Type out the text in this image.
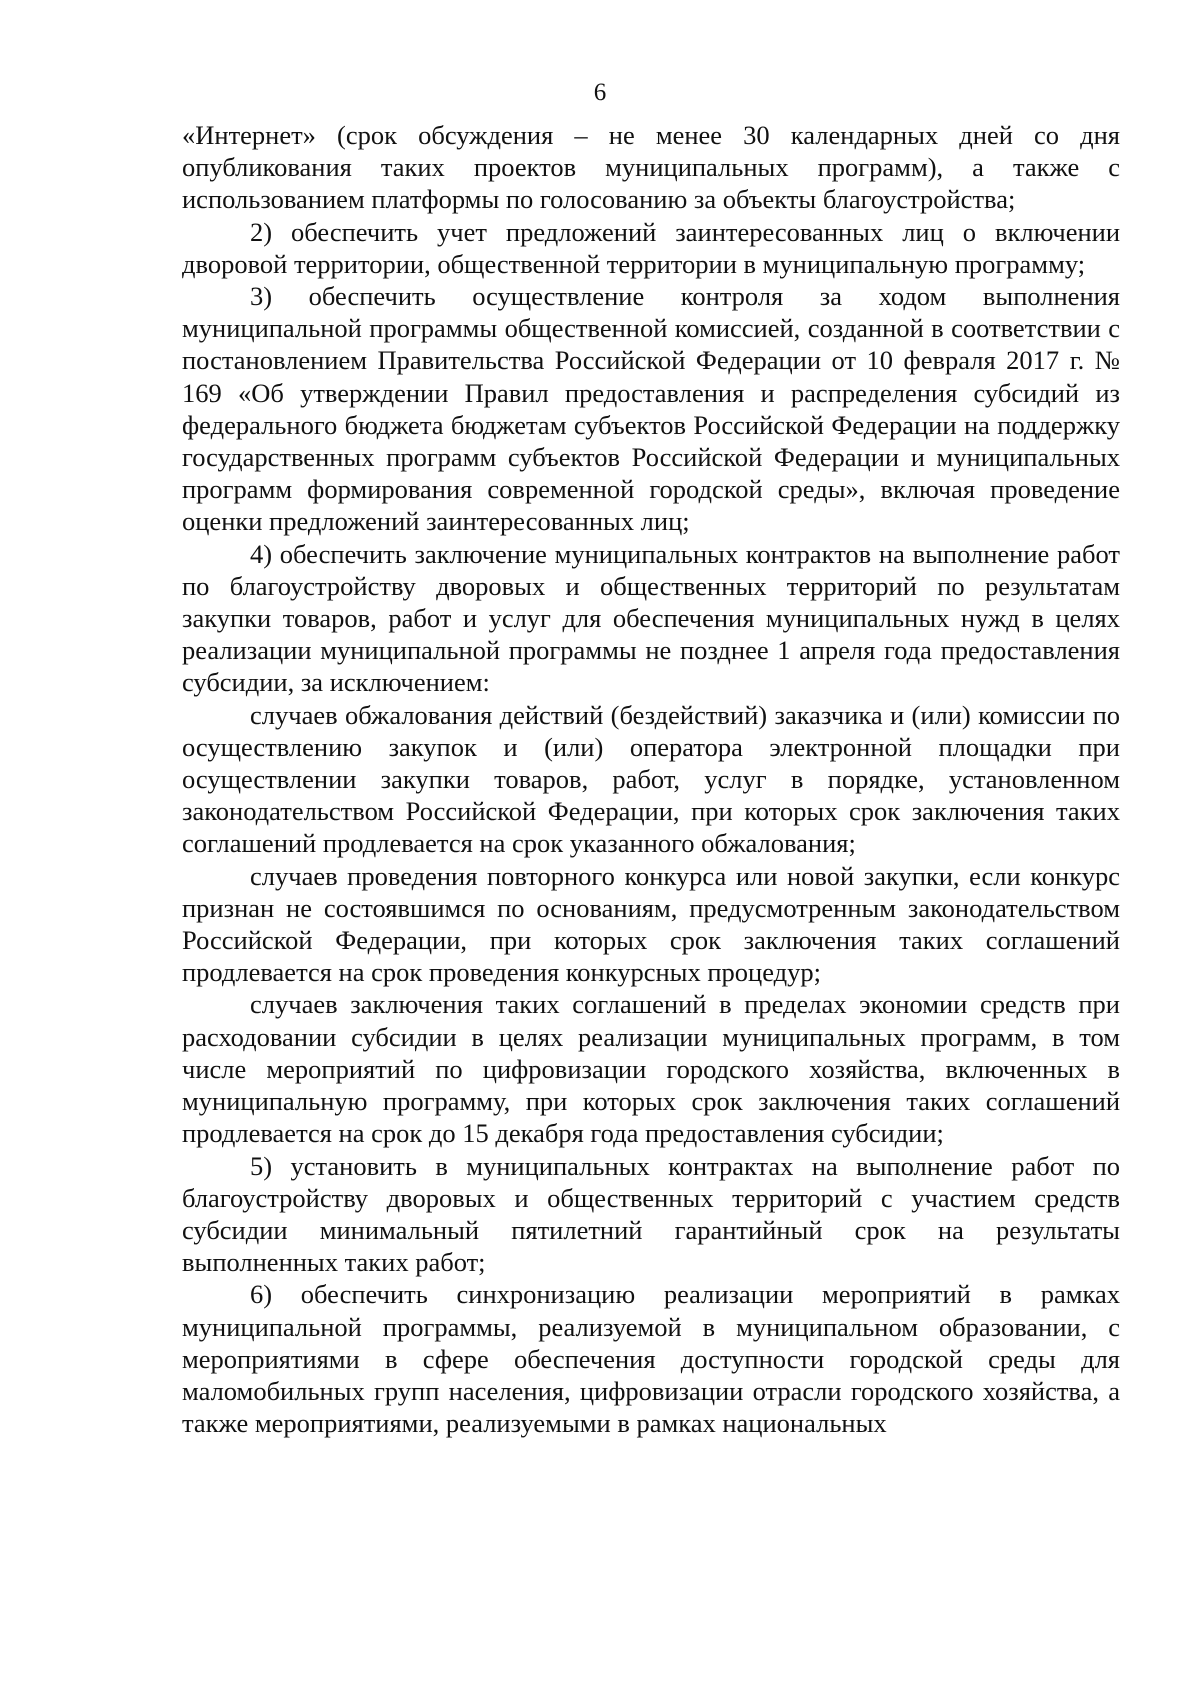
6

«Интернет» (срок обсуждения – не менее 30 календарных дней со дня опубликования таких проектов муниципальных программ), а также с использованием платформы по голосованию за объекты благоустройства;

2) обеспечить учет предложений заинтересованных лиц о включении дворовой территории, общественной территории в муниципальную программу;

3) обеспечить осуществление контроля за ходом выполнения муниципальной программы общественной комиссией, созданной в соответствии с постановлением Правительства Российской Федерации от 10 февраля 2017 г. № 169 «Об утверждении Правил предоставления и распределения субсидий из федерального бюджета бюджетам субъектов Российской Федерации на поддержку государственных программ субъектов Российской Федерации и муниципальных программ формирования современной городской среды», включая проведение оценки предложений заинтересованных лиц;

4) обеспечить заключение муниципальных контрактов на выполнение работ по благоустройству дворовых и общественных территорий по результатам закупки товаров, работ и услуг для обеспечения муниципальных нужд в целях реализации муниципальной программы не позднее 1 апреля года предоставления субсидии, за исключением:

случаев обжалования действий (бездействий) заказчика и (или) комиссии по осуществлению закупок и (или) оператора электронной площадки при осуществлении закупки товаров, работ, услуг в порядке, установленном законодательством Российской Федерации, при которых срок заключения таких соглашений продлевается на срок указанного обжалования;

случаев проведения повторного конкурса или новой закупки, если конкурс признан не состоявшимся по основаниям, предусмотренным законодательством Российской Федерации, при которых срок заключения таких соглашений продлевается на срок проведения конкурсных процедур;

случаев заключения таких соглашений в пределах экономии средств при расходовании субсидии в целях реализации муниципальных программ, в том числе мероприятий по цифровизации городского хозяйства, включенных в муниципальную программу, при которых срок заключения таких соглашений продлевается на срок до 15 декабря года предоставления субсидии;

5) установить в муниципальных контрактах на выполнение работ по благоустройству дворовых и общественных территорий с участием средств субсидии минимальный пятилетний гарантийный срок на результаты выполненных таких работ;

6) обеспечить синхронизацию реализации мероприятий в рамках муниципальной программы, реализуемой в муниципальном образовании, с мероприятиями в сфере обеспечения доступности городской среды для маломобильных групп населения, цифровизации отрасли городского хозяйства, а также мероприятиями, реализуемыми в рамках национальных
